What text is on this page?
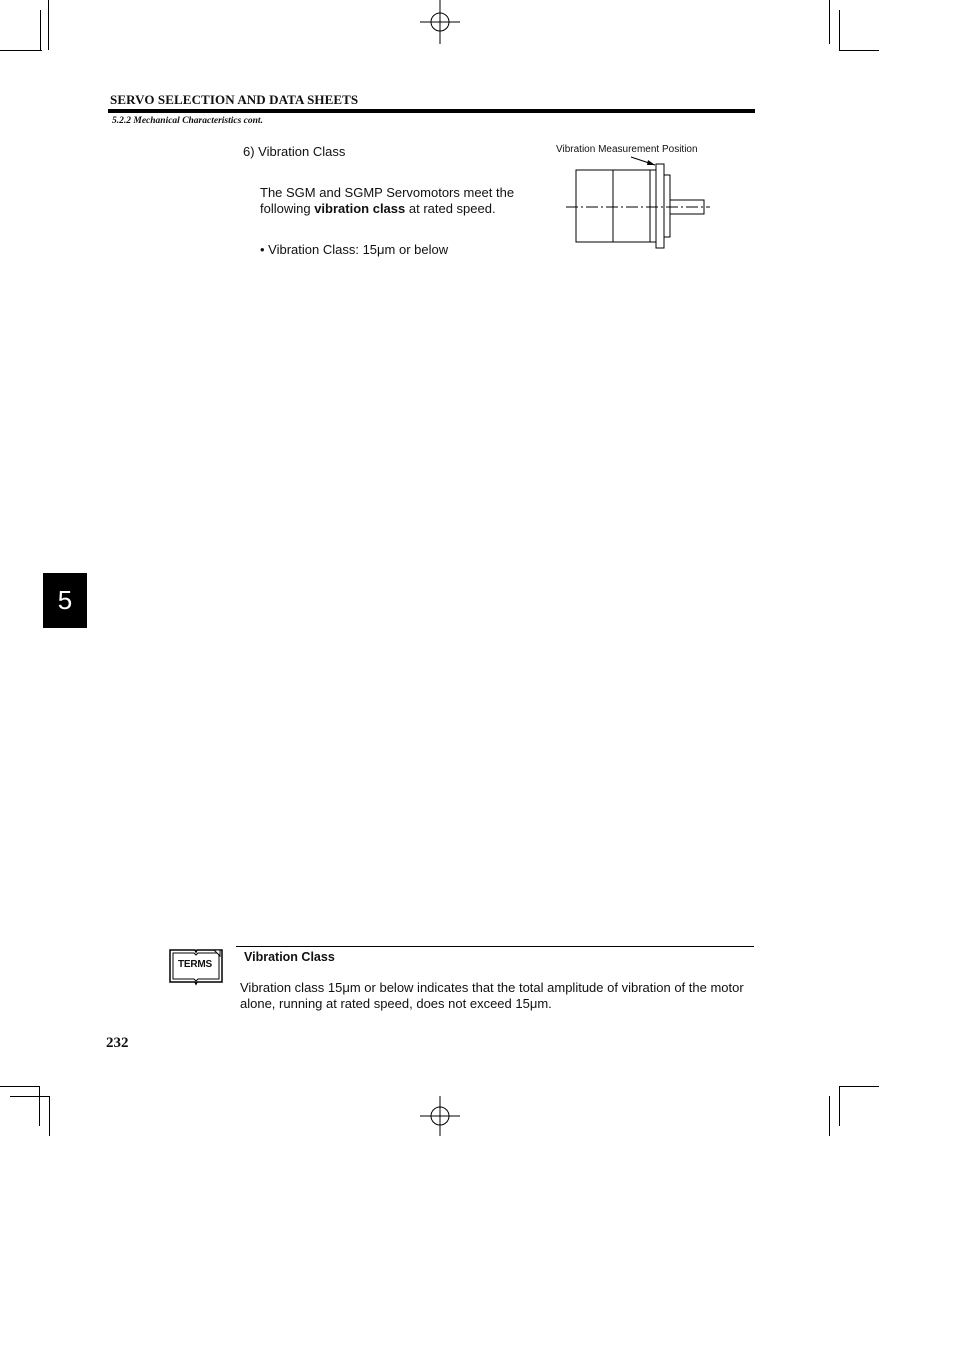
SERVO SELECTION AND DATA SHEETS
5.2.2 Mechanical Characteristics cont.
6) Vibration Class
The SGM and SGMP Servomotors meet the following vibration class at rated speed.
• Vibration Class: 15μm or below
Vibration Measurement Position
5
TERMS
Vibration Class
Vibration class 15μm or below indicates that the total amplitude of vibration of the motor alone, running at rated speed, does not exceed 15μm.
232
